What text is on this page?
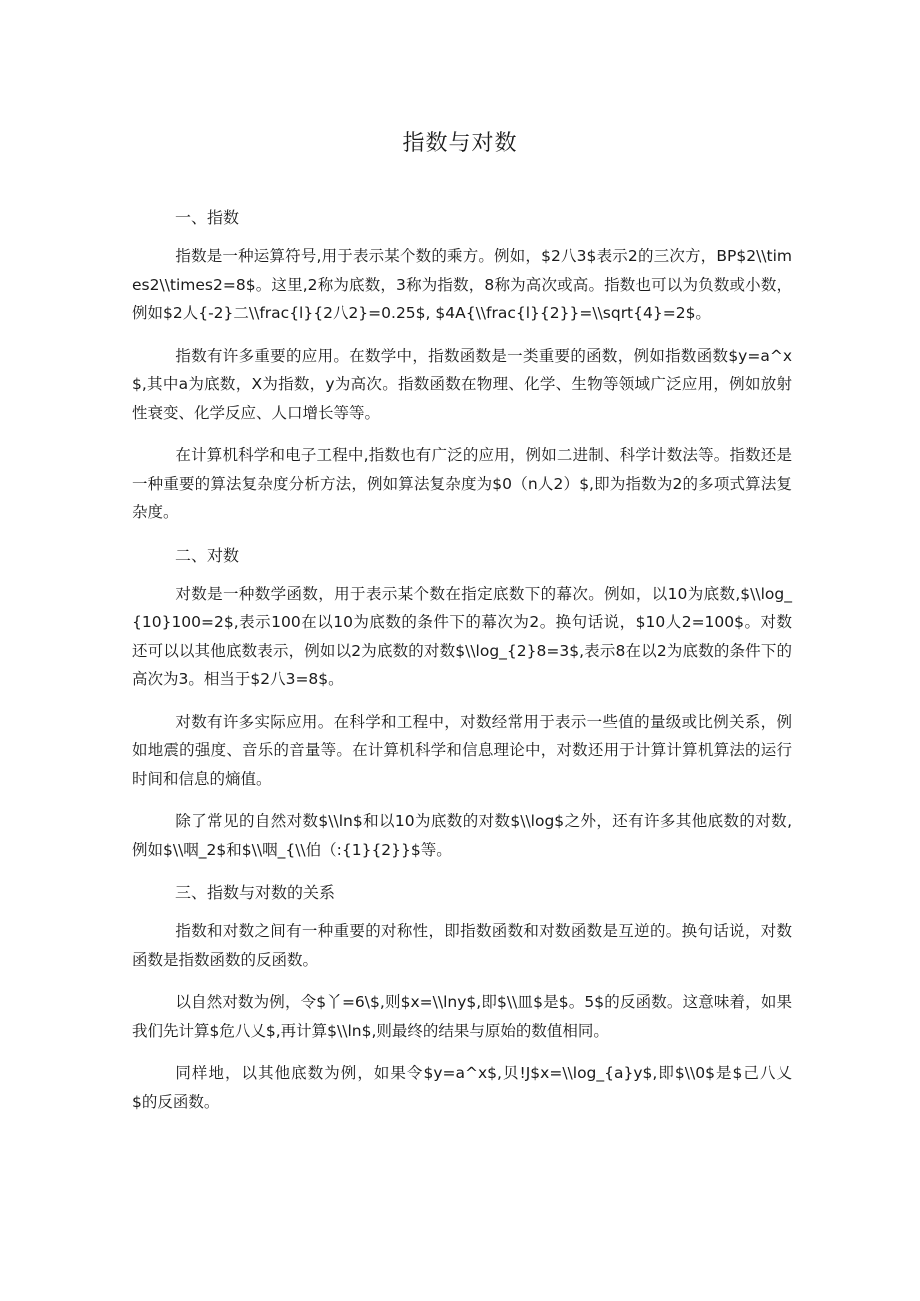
指数与对数
一、指数

指数是一种运算符号,用于表示某个数的乘方。例如，$2八3$表示2的三次方，BP$2\\times2\\times2=8$。这里,2称为底数，3称为指数，8称为高次或高。指数也可以为负数或小数，例如$2人{-2}二\\frac{l}{2八2}=0.25$, $4A{\\frac{l}{2}}=\\sqrt{4}=2$。

指数有许多重要的应用。在数学中，指数函数是一类重要的函数，例如指数函数$y=a^x$,其中a为底数，X为指数，y为高次。指数函数在物理、化学、生物等领域广泛应用，例如放射性衰变、化学反应、人口增长等等。

在计算机科学和电子工程中,指数也有广泛的应用，例如二进制、科学计数法等。指数还是一种重要的算法复杂度分析方法，例如算法复杂度为$0（n人2）$,即为指数为2的多项式算法复杂度。

二、对数

对数是一种数学函数，用于表示某个数在指定底数下的幕次。例如，以10为底数,$\\log_{10}100=2$,表示100在以10为底数的条件下的幕次为2。换句话说，$10人2=100$。对数还可以以其他底数表示，例如以2为底数的对数$\\log_{2}8=3$,表示8在以2为底数的条件下的高次为3。相当于$2八3=8$。

对数有许多实际应用。在科学和工程中，对数经常用于表示一些值的量级或比例关系，例如地震的强度、音乐的音量等。在计算机科学和信息理论中，对数还用于计算计算机算法的运行时间和信息的熵值。

除了常见的自然对数$\\ln$和以10为底数的对数$\\log$之外，还有许多其他底数的对数,例如$\\咽_2$和$\\咽_{\\伯（:{1}{2}}$等。

三、指数与对数的关系

指数和对数之间有一种重要的对称性，即指数函数和对数函数是互逆的。换句话说，对数函数是指数函数的反函数。

以自然对数为例，令$丫=6\$,则$x=\\lny$,即$\\皿$是$。5$的反函数。这意味着，如果我们先计算$危八乂$,再计算$\\ln$,则最终的结果与原始的数值相同。

同样地，以其他底数为例，如果令$y=a^x$,贝!J$x=\\log_{a}y$,即$\\0$是$己八乂$的反函数。
